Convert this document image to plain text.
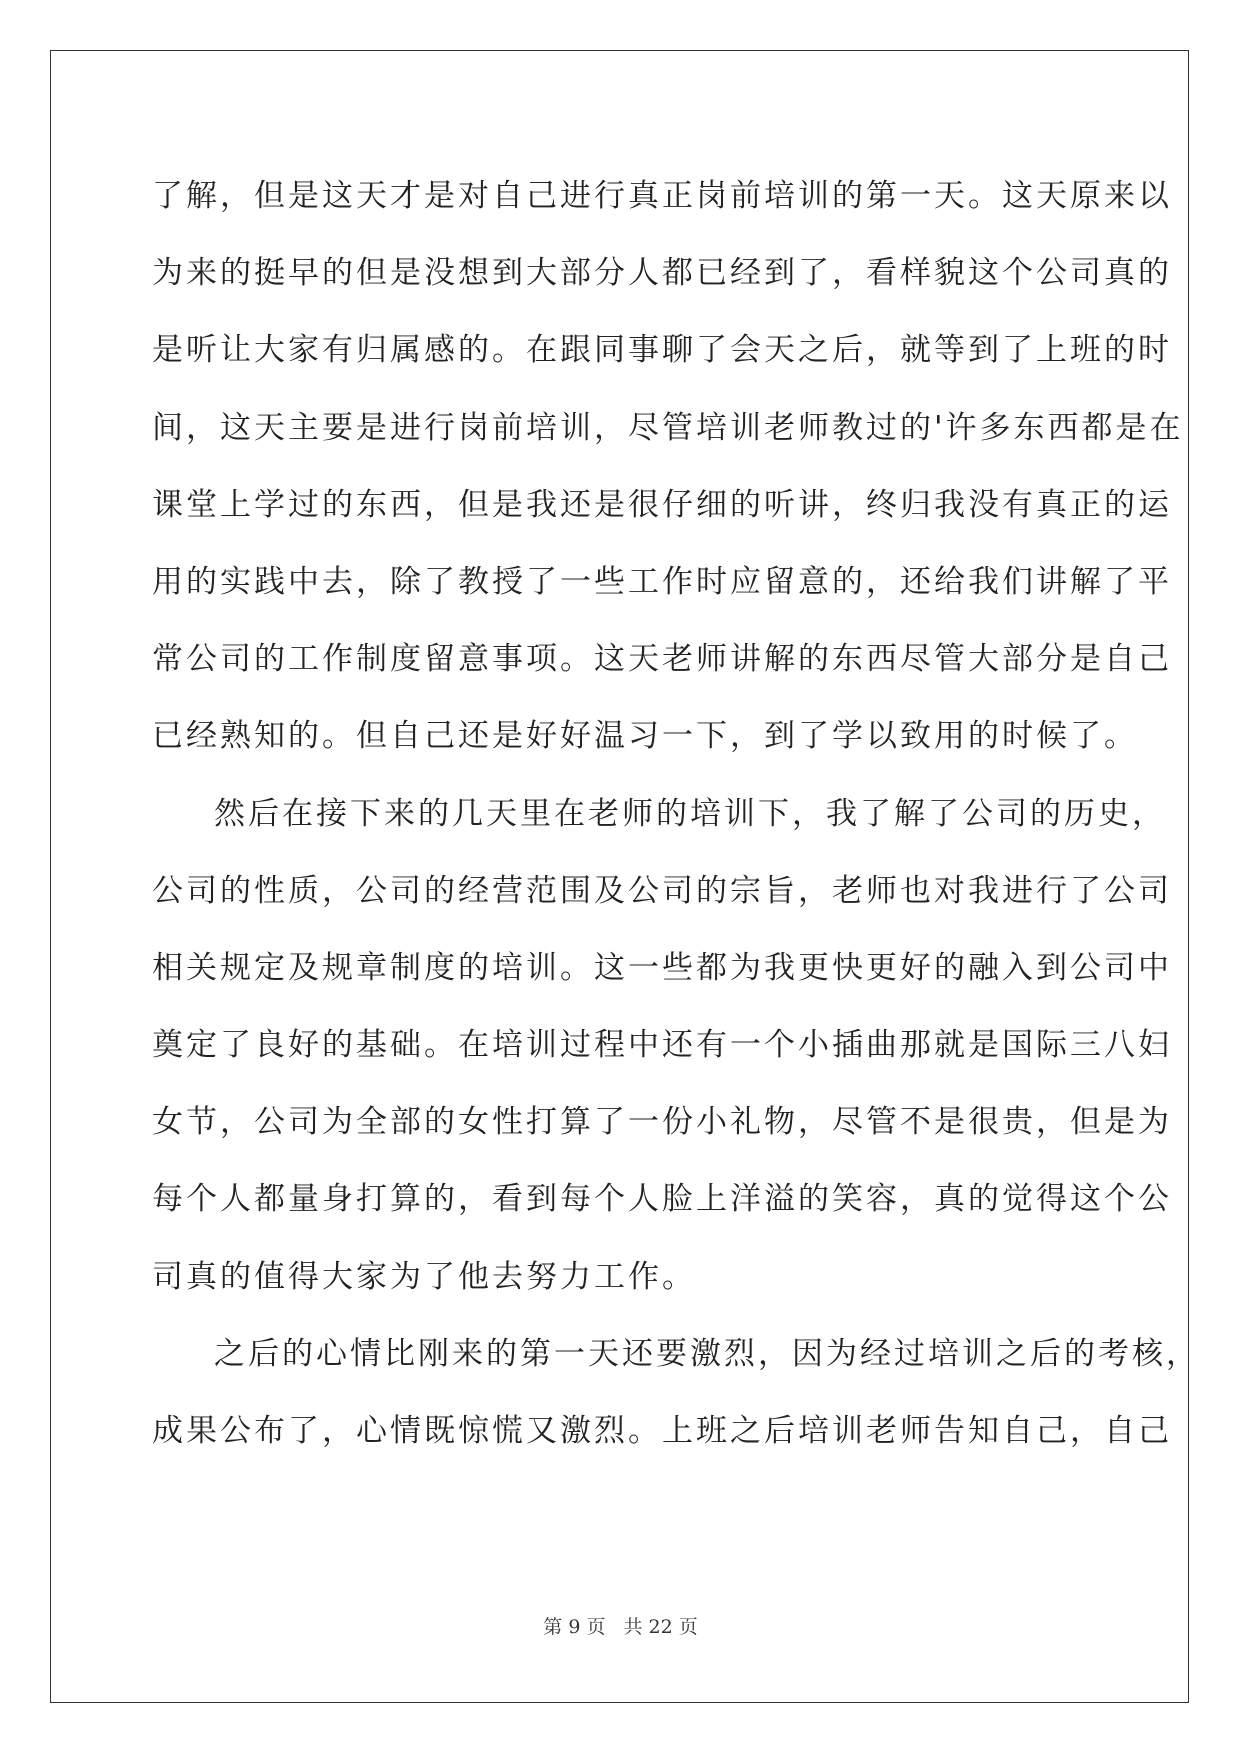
了解，但是这天才是对自己进行真正岗前培训的第一天。这天原来以
为来的挺早的但是没想到大部分人都已经到了，看样貌这个公司真的
是听让大家有归属感的。在跟同事聊了会天之后，就等到了上班的时
间，这天主要是进行岗前培训，尽管培训老师教过的'许多东西都是在
课堂上学过的东西，但是我还是很仔细的听讲，终归我没有真正的运
用的实践中去，除了教授了一些工作时应留意的，还给我们讲解了平
常公司的工作制度留意事项。这天老师讲解的东西尽管大部分是自己
已经熟知的。但自己还是好好温习一下，到了学以致用的时候了。
然后在接下来的几天里在老师的培训下，我了解了公司的历史，
公司的性质，公司的经营范围及公司的宗旨，老师也对我进行了公司
相关规定及规章制度的培训。这一些都为我更快更好的融入到公司中
奠定了良好的基础。在培训过程中还有一个小插曲那就是国际三八妇
女节，公司为全部的女性打算了一份小礼物，尽管不是很贵，但是为
每个人都量身打算的，看到每个人脸上洋溢的笑容，真的觉得这个公
司真的值得大家为了他去努力工作。
之后的心情比刚来的第一天还要激烈，因为经过培训之后的考核，
成果公布了，心情既惊慌又激烈。上班之后培训老师告知自己，自己
第 9 页 共 22 页
